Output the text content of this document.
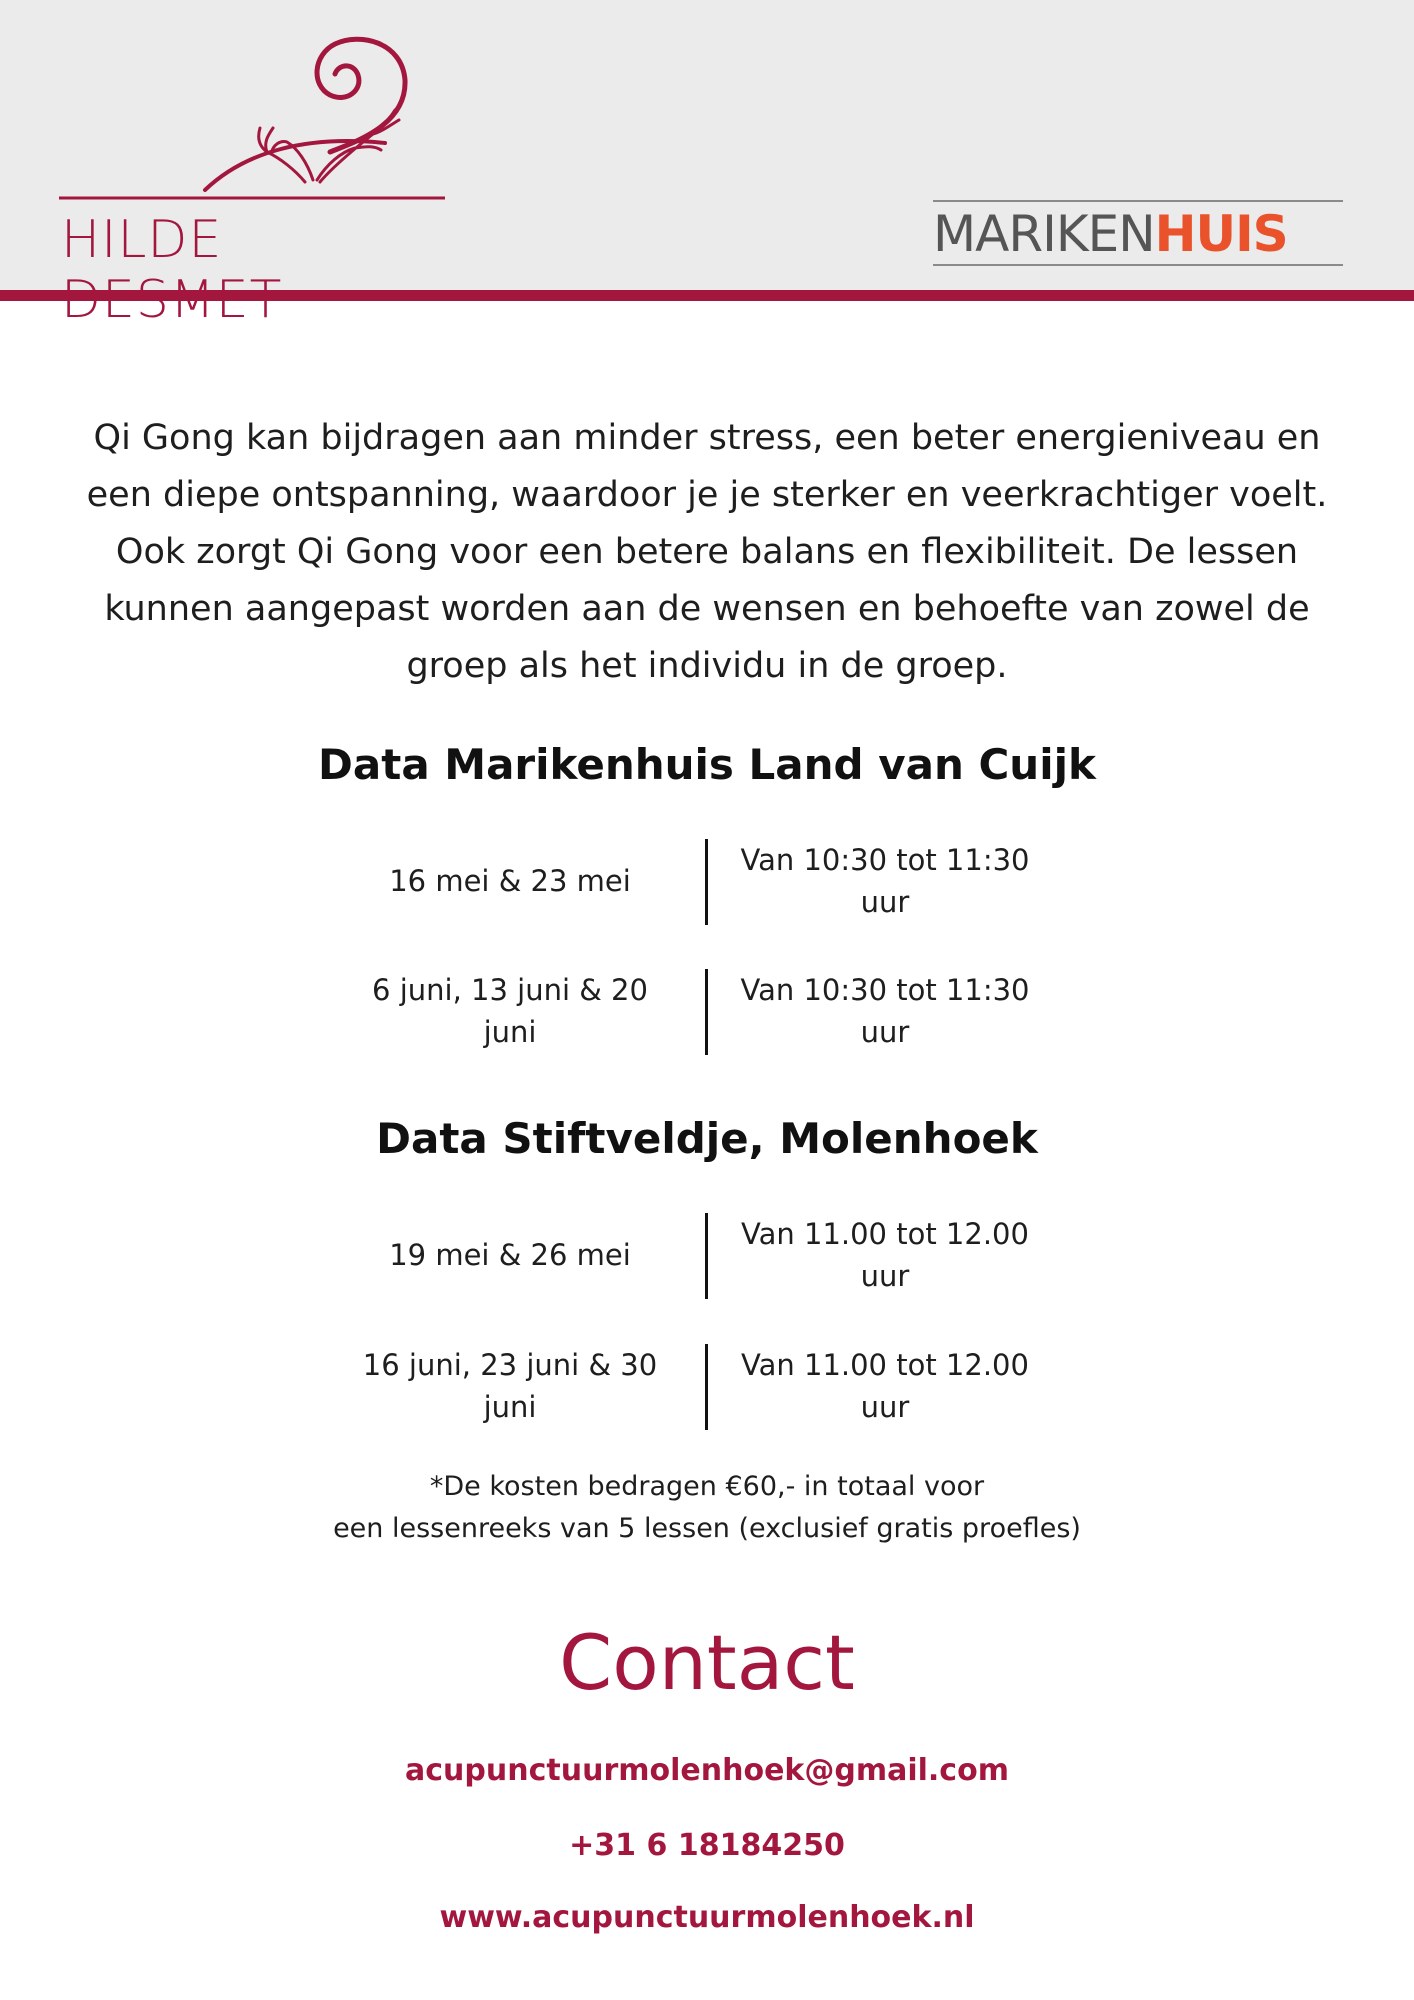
HILDE DESMET
MARIKENHUIS

Qi Gong kan bijdragen aan minder stress, een beter energieniveau en een diepe ontspanning, waardoor je je sterker en veerkrachtiger voelt. Ook zorgt Qi Gong voor een betere balans en flexibiliteit. De lessen kunnen aangepast worden aan de wensen en behoefte van zowel de groep als het individu in de groep.

Data Marikenhuis Land van Cuijk
16 mei & 23 mei
Van 10:30 tot 11:30 uur
6 juni, 13 juni & 20 juni
Van 10:30 tot 11:30 uur
Data Stiftveldje, Molenhoek
19 mei & 26 mei
Van 11.00 tot 12.00 uur
16 juni, 23 juni & 30 juni
Van 11.00 tot 12.00 uur
*De kosten bedragen €60,- in totaal voor
een lessenreeks van 5 lessen (exclusief gratis proefles)
Contact
acupunctuurmolenhoek@gmail.com
+31 6 18184250
www.acupunctuurmolenhoek.nl
